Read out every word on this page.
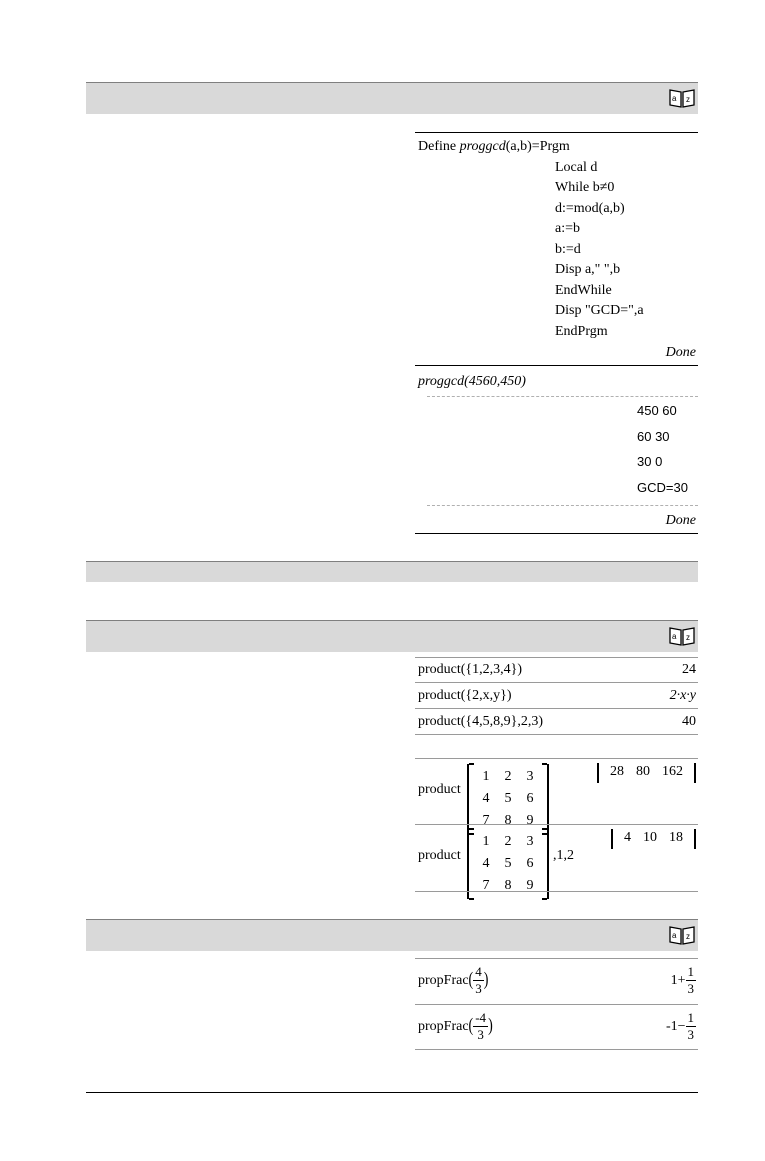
a z
a z
a z
Define proggcd(a,b)=Prgm
Local d
While b≠0
d:=mod(a,b)
a:=b
b:=d
Disp a," ",b
EndWhile
Disp "GCD=",a
EndPrgm
Done
proggcd(4560,450)
450 60
60 30
30 0
GCD=30
Done
product({1,2,3,4})	24
product({2,x,y})	2·x·y
product({4,5,8,9},2,3)	40
product
1	2	3
4	5	6
7	8	9
28 80 162
product
1	2	3
4	5	6
7	8	9
,1,2
4 10 18
propFrac( $\frac{4}{3}$ )	$1+ \frac{1}{3}$
propFrac( $\frac{-4}{3}$ )	$-1- \frac{1}{3}$
